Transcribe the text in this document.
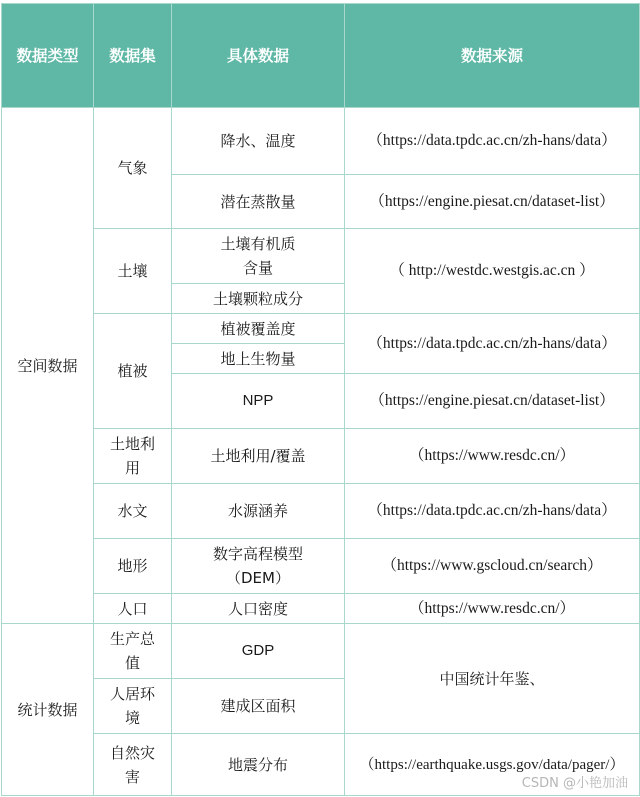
数据类型	数据集	具体数据	数据来源
空间数据	气象	降水、温度	（https://data.tpdc.ac.cn/zh-hans/data）
		潜在蒸散量	（https://engine.piesat.cn/dataset-list）
	土壤	土壤有机质含量	（ http://westdc.westgis.ac.cn ）
		土壤颗粒成分	
	植被	植被覆盖度	（https://data.tpdc.ac.cn/zh-hans/data）
		地上生物量	
		NPP	（https://engine.piesat.cn/dataset-list）
	土地利用	土地利用/覆盖	（https://www.resdc.cn/）
	水文	水源涵养	（https://data.tpdc.ac.cn/zh-hans/data）
	地形	数字高程模型（DEM）	（https://www.gscloud.cn/search）
	人口	人口密度	（https://www.resdc.cn/）

统计数据	生产总值	GDP	中国统计年鉴、
	人居环境	建成区面积	
	自然灾害	地震分布	（https://earthquake.usgs.gov/data/pager/）
CSDN @小艳加油
